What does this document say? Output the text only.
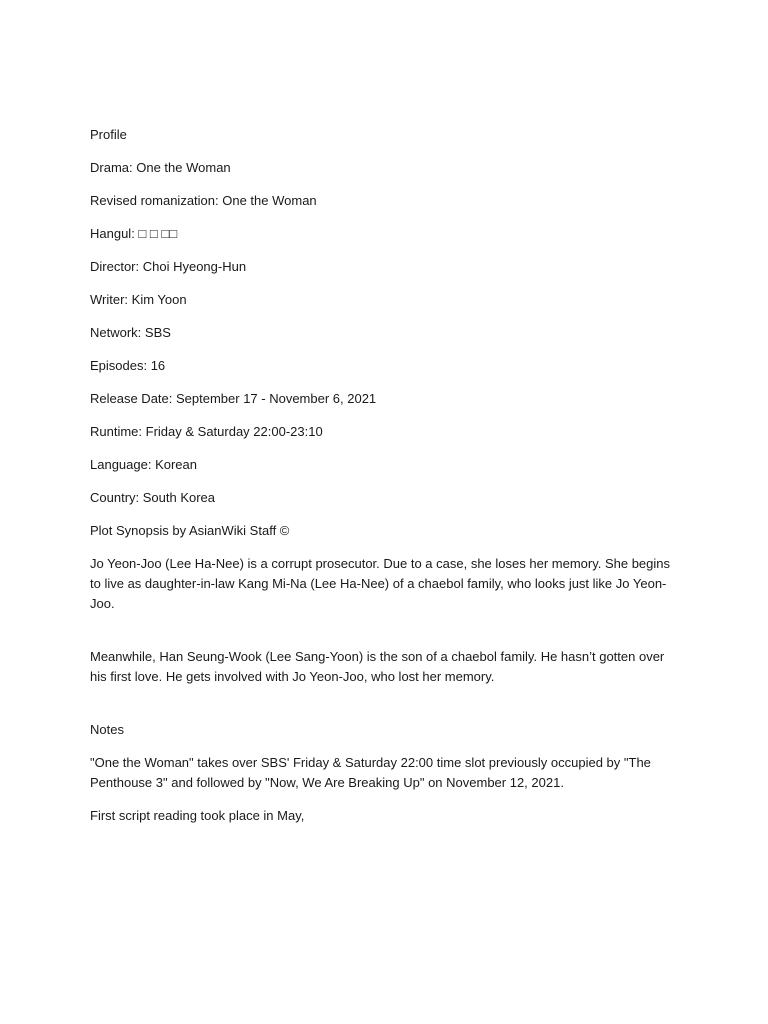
Profile

Drama: One the Woman

Revised romanization: One the Woman

Hangul: □ □ □□

Director: Choi Hyeong-Hun

Writer: Kim Yoon

Network: SBS

Episodes: 16

Release Date: September 17 - November 6, 2021

Runtime: Friday & Saturday 22:00-23:10

Language: Korean

Country: South Korea

Plot Synopsis by AsianWiki Staff ©

Jo Yeon-Joo (Lee Ha-Nee) is a corrupt prosecutor. Due to a case, she loses her memory. She begins to live as daughter-in-law Kang Mi-Na (Lee Ha-Nee) of a chaebol family, who looks just like Jo Yeon-Joo.

Meanwhile, Han Seung-Wook (Lee Sang-Yoon) is the son of a chaebol family. He hasn’t gotten over his first love. He gets involved with Jo Yeon-Joo, who lost her memory.

Notes

"One the Woman" takes over SBS' Friday & Saturday 22:00 time slot previously occupied by "The Penthouse 3" and followed by "Now, We Are Breaking Up" on November 12, 2021.

First script reading took place in May,
